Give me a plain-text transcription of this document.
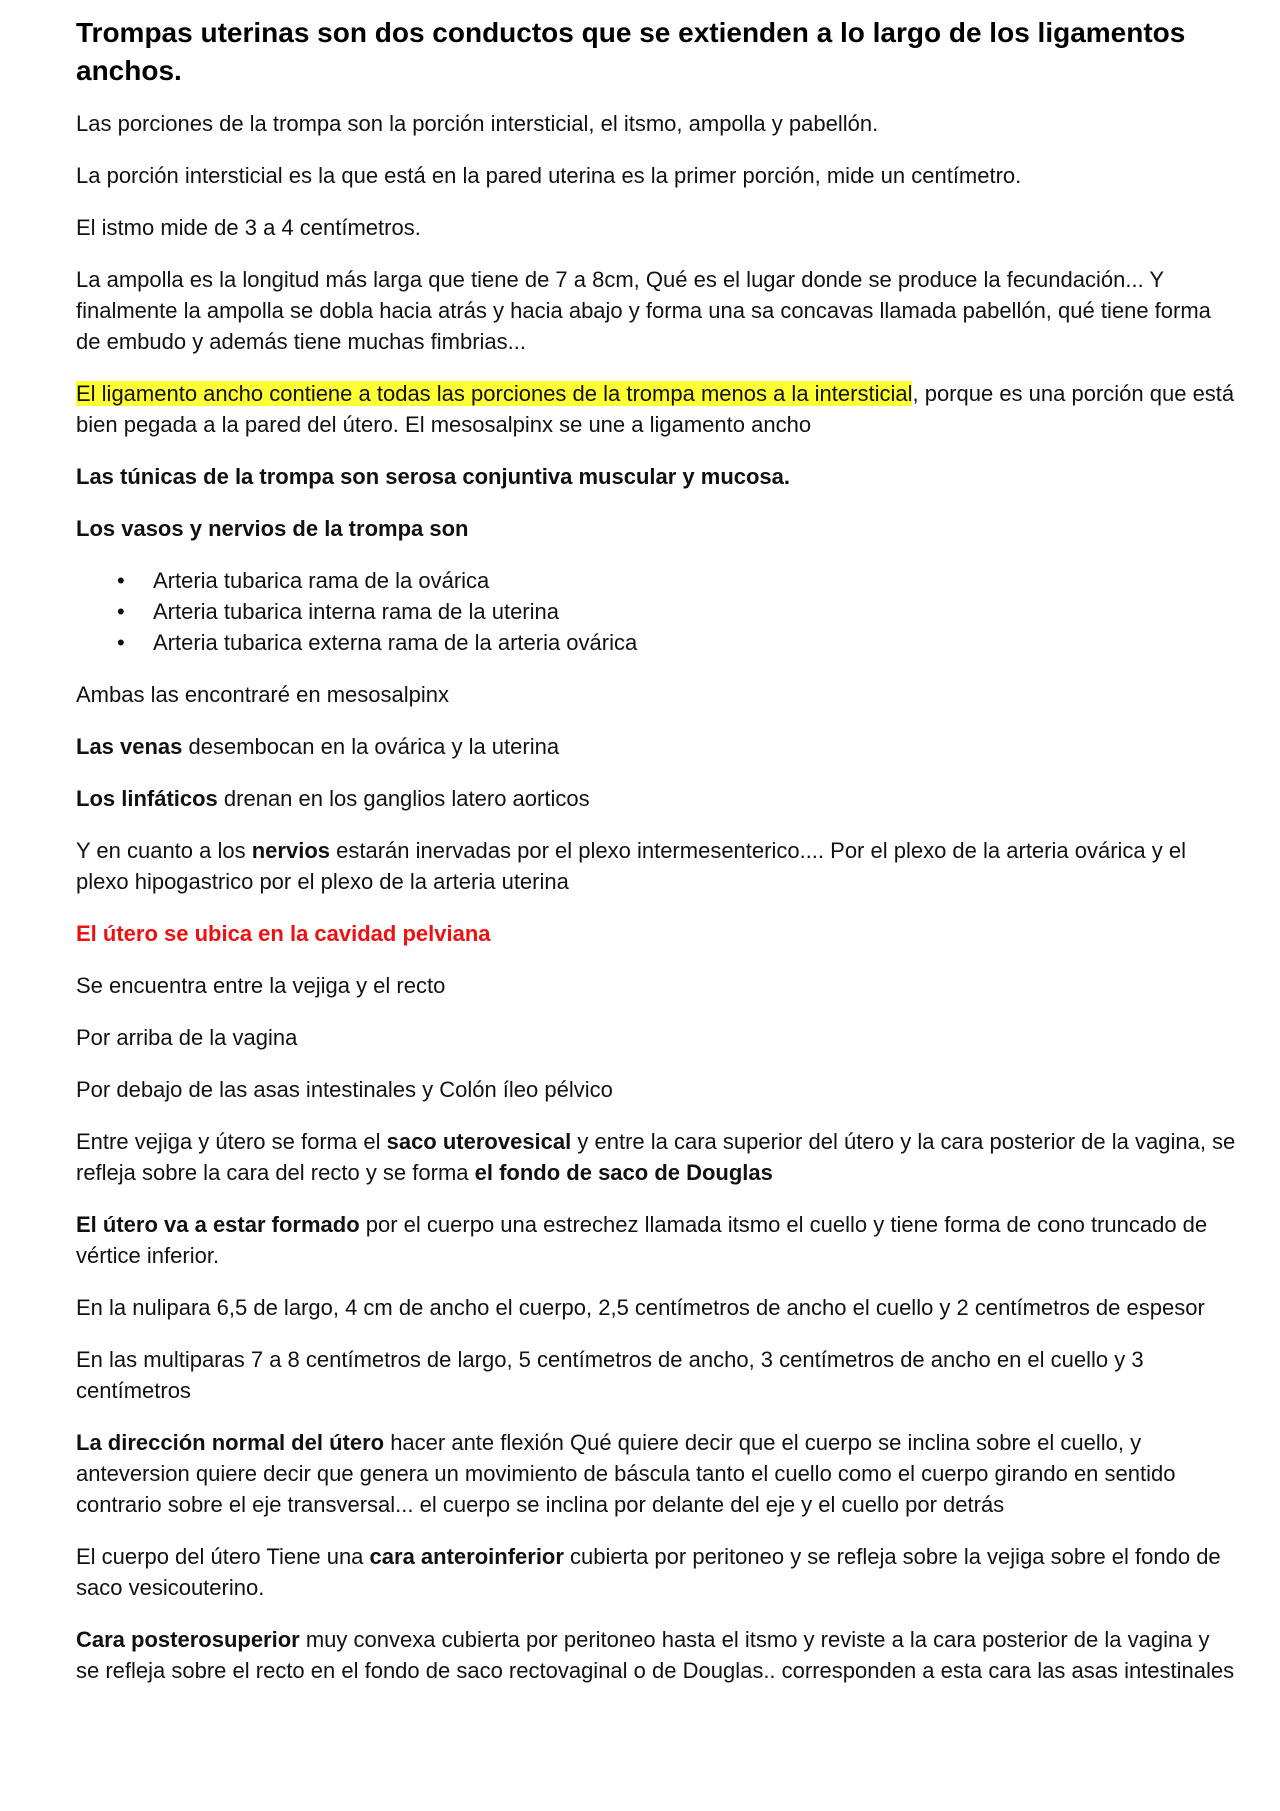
Trompas uterinas son dos conductos que se extienden a lo largo de los ligamentos anchos.

Las porciones de la trompa son la porción intersticial, el itsmo, ampolla y pabellón.

La porción intersticial es la que está en la pared uterina es la primer porción, mide un centímetro.

El istmo mide de 3 a 4 centímetros.

La ampolla es la longitud más larga que tiene de 7 a 8cm, Qué es el lugar donde se produce la fecundación... Y finalmente la ampolla se dobla hacia atrás y hacia abajo y forma una sa concavas llamada pabellón, qué tiene forma de embudo y además tiene muchas fimbrias...

El ligamento ancho contiene a todas las porciones de la trompa menos a la intersticial, porque es una porción que está bien pegada a la pared del útero. El mesosalpinx se une a ligamento ancho

Las túnicas de la trompa son serosa conjuntiva muscular y mucosa.

Los vasos y nervios de la trompa son

• Arteria tubarica rama de la ovárica
• Arteria tubarica interna rama de la uterina
• Arteria tubarica externa rama de la arteria ovárica

Ambas las encontraré en mesosalpinx

Las venas desembocan en la ovárica y la uterina

Los linfáticos drenan en los ganglios latero aorticos

Y en cuanto a los nervios estarán inervadas por el plexo intermesenterico.... Por el plexo de la arteria ovárica y el plexo hipogastrico por el plexo de la arteria uterina

El útero se ubica en la cavidad pelviana

Se encuentra entre la vejiga y el recto

Por arriba de la vagina

Por debajo de las asas intestinales y Colón íleo pélvico

Entre vejiga y útero se forma el saco uterovesical y entre la cara superior del útero y la cara posterior de la vagina, se refleja sobre la cara del recto y se forma el fondo de saco de Douglas

El útero va a estar formado por el cuerpo una estrechez llamada itsmo el cuello y tiene forma de cono truncado de vértice inferior.

En la nulipara 6,5 de largo, 4 cm de ancho el cuerpo, 2,5 centímetros de ancho el cuello y 2 centímetros de espesor

En las multiparas 7 a 8 centímetros de largo, 5 centímetros de ancho, 3 centímetros de ancho en el cuello y 3 centímetros

La dirección normal del útero hacer ante flexión Qué quiere decir que el cuerpo se inclina sobre el cuello, y anteversion quiere decir que genera un movimiento de báscula tanto el cuello como el cuerpo girando en sentido contrario sobre el eje transversal... el cuerpo se inclina por delante del eje y el cuello por detrás

El cuerpo del útero Tiene una cara anteroinferior cubierta por peritoneo y se refleja sobre la vejiga sobre el fondo de saco vesicouterino.

Cara posterosuperior muy convexa cubierta por peritoneo hasta el itsmo y reviste a la cara posterior de la vagina y se refleja sobre el recto en el fondo de saco rectovaginal o de Douglas.. corresponden a esta cara las asas intestinales
